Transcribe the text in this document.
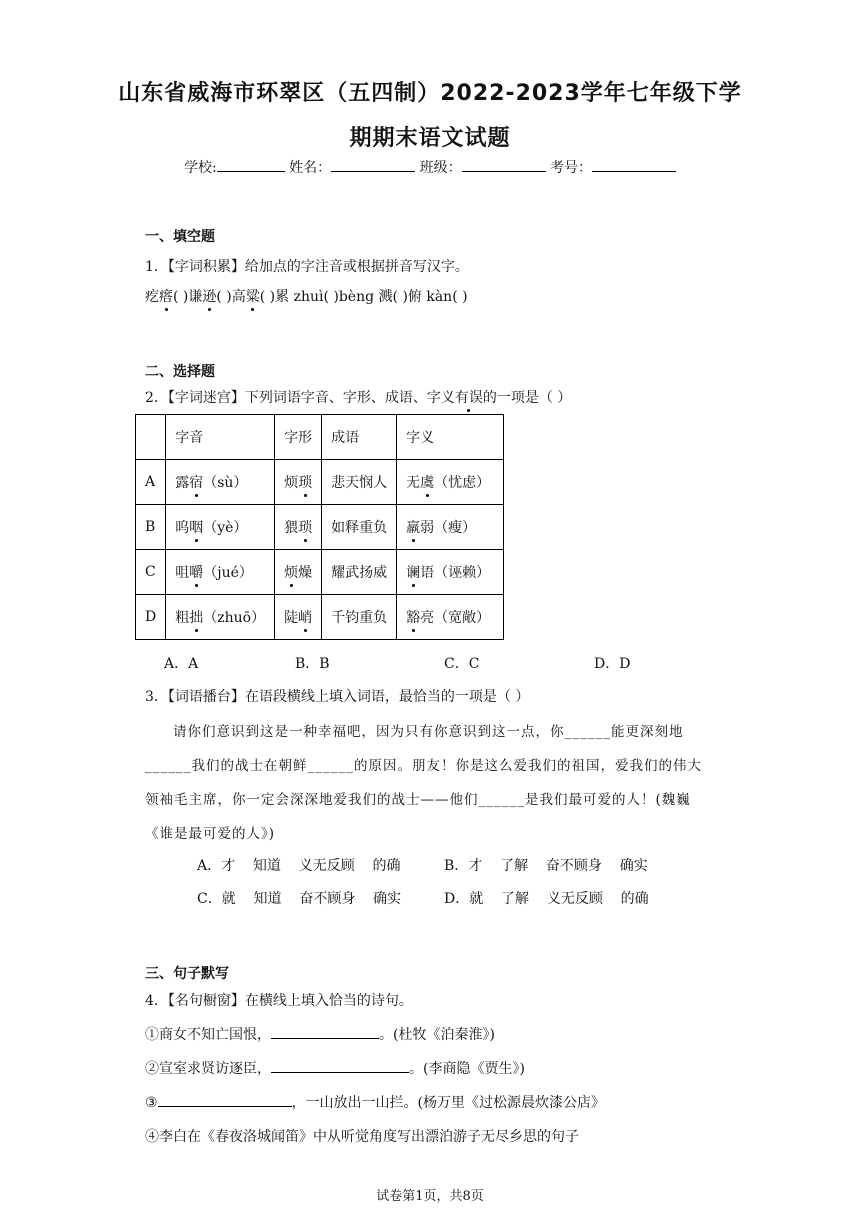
山东省威海市环翠区（五四制）2022-2023学年七年级下学
期期末语文试题
学校:	姓名：	班级：	考号：
一、填空题
1．【字词积累】给加点的字注音或根据拼音写汉字。
疙瘩( )谦逊( )高粱( )累 zhuì( )bèng 溅( )俯 kàn( )
二、选择题
2．【字词迷宫】下列词语字音、字形、成语、字义有误的一项是（ ）
	字音	字形	成语	字义
A	露宿（sù）	烦琐	悲天悯人	无虞（忧虑）
B	呜咽（yè）	猥琐	如释重负	羸弱（瘦）
C	咀嚼（jué）	烦燥	耀武扬威	谰语（诬赖）
D	粗拙（zhuō）	陡峭	千钧重负	豁亮（宽敞）
A．A	B．B	C．C	D．D
3．【词语播台】在语段横线上填入词语，最恰当的一项是（ ）
请你们意识到这是一种幸福吧，因为只有你意识到这一点，你______能更深刻地
______我们的战士在朝鲜______的原因。朋友！你是这么爱我们的祖国，爱我们的伟大
领袖毛主席，你一定会深深地爱我们的战士——他们______是我们最可爱的人！(魏巍
《谁是最可爱的人》)
A．才    知道    义无反顾    的确	B．才    了解    奋不顾身    确实
C．就    知道    奋不顾身    确实	D．就    了解    义无反顾    的确
三、句子默写
4．【名句橱窗】在横线上填入恰当的诗句。
①商女不知亡国恨，	。(杜牧《泊秦淮》)
②宣室求贤访逐臣，	。(李商隐《贾生》)
③	，一山放出一山拦。(杨万里《过松源晨炊漆公店》
④李白在《春夜洛城闻笛》中从听觉角度写出漂泊游子无尽乡思的句子
试卷第1页，共8页
